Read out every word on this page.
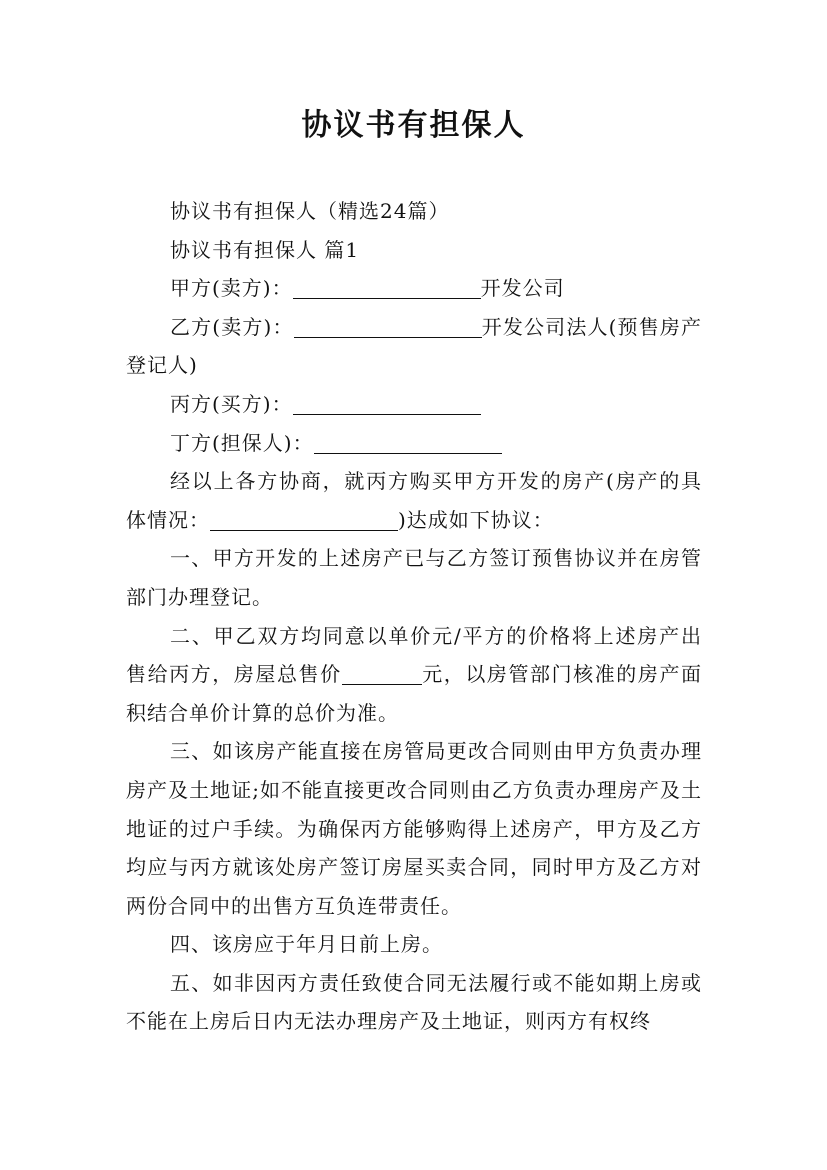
协议书有担保人

协议书有担保人（精选24篇）

协议书有担保人 篇1

甲方(卖方)：	开发公司

乙方(卖方)：	开发公司法人(预售房产登记人)

丙方(买方)：

丁方(担保人)：

经以上各方协商，就丙方购买甲方开发的房产(房产的具体情况：	)达成如下协议：

一、甲方开发的上述房产已与乙方签订预售协议并在房管部门办理登记。

二、甲乙双方均同意以单价元/平方的价格将上述房产出售给丙方，房屋总售价	元，以房管部门核准的房产面积结合单价计算的总价为准。

三、如该房产能直接在房管局更改合同则由甲方负责办理房产及土地证;如不能直接更改合同则由乙方负责办理房产及土地证的过户手续。为确保丙方能够购得上述房产，甲方及乙方均应与丙方就该处房产签订房屋买卖合同，同时甲方及乙方对两份合同中的出售方互负连带责任。

四、该房应于年月日前上房。

五、如非因丙方责任致使合同无法履行或不能如期上房或不能在上房后日内无法办理房产及土地证，则丙方有权终
